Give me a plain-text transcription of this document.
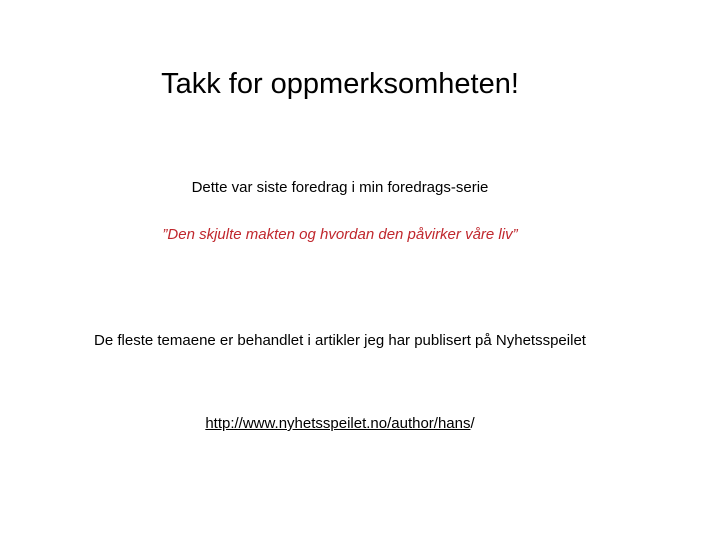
Takk for oppmerksomheten!
Dette var siste foredrag i min foredrags-serie
”Den skjulte makten og hvordan den påvirker våre liv”
De fleste temaene er behandlet i artikler jeg har publisert på Nyhetsspeilet
http://www.nyhetsspeilet.no/author/hans/
